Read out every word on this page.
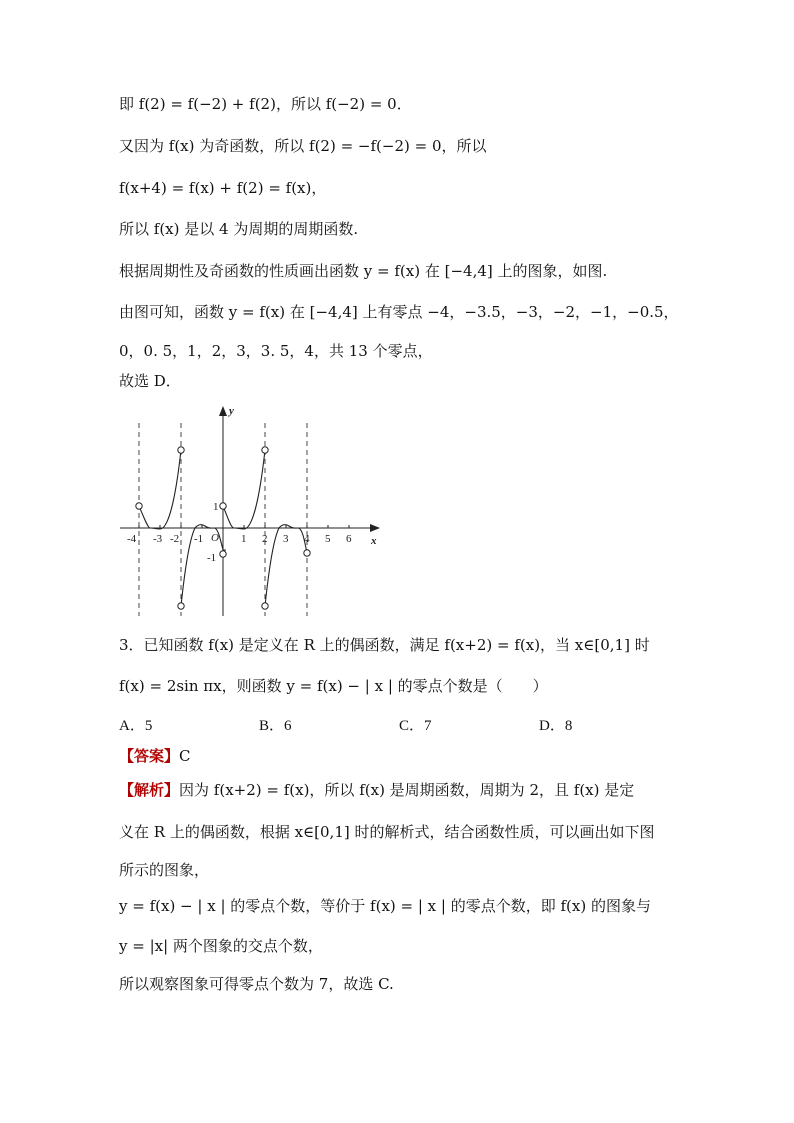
即 f(2) = f(−2) + f(2)，所以 f(−2) = 0．
又因为 f(x) 为奇函数，所以 f(2) = −f(−2) = 0，所以
f(x+4) = f(x) + f(2) = f(x)，
所以 f(x) 是以 4 为周期的周期函数.
根据周期性及奇函数的性质画出函数 y = f(x) 在 [−4,4] 上的图象，如图.
由图可知，函数 y = f(x) 在 [−4,4] 上有零点 −4，−3.5，−3，−2，−1，−0.5，
0，0. 5，1，2，3，3. 5，4，共 13 个零点，
故选 D．
y
x
O
-4 -3 -2 -1	1 2 3 4 5 6
1
-1
3．已知函数 f(x) 是定义在 R 上的偶函数，满足 f(x+2) = f(x)，当 x∈[0,1] 时
f(x) = 2sin πx，则函数 y = f(x) − | x | 的零点个数是（　　）
A．5	B．6	C．7	D．8
【答案】C
【解析】因为 f(x+2) = f(x)，所以 f(x) 是周期函数，周期为 2，且 f(x) 是定
义在 R 上的偶函数，根据 x∈[0,1] 时的解析式，结合函数性质，可以画出如下图
所示的图象，
y = f(x) − | x | 的零点个数，等价于 f(x) = | x | 的零点个数，即 f(x) 的图象与
y = |x| 两个图象的交点个数，
所以观察图象可得零点个数为 7，故选 C.
